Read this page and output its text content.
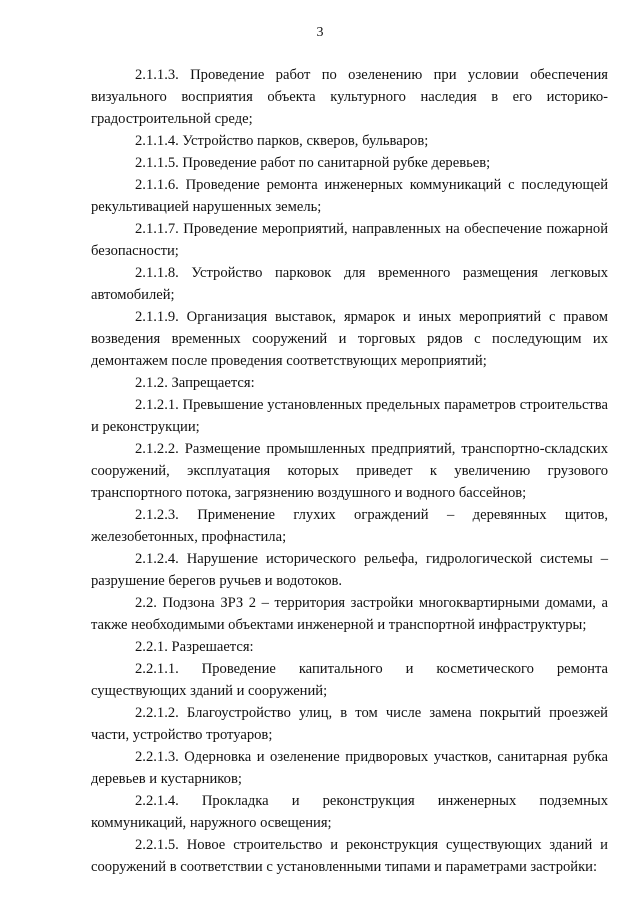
3

2.1.1.3. Проведение работ по озеленению при условии обеспечения визуального восприятия объекта культурного наследия в его историко-градостроительной среде;

2.1.1.4. Устройство парков, скверов, бульваров;

2.1.1.5. Проведение работ по санитарной рубке деревьев;

2.1.1.6. Проведение ремонта инженерных коммуникаций с последующей рекультивацией нарушенных земель;

2.1.1.7. Проведение мероприятий, направленных на обеспечение пожарной безопасности;

2.1.1.8. Устройство парковок для временного размещения легковых автомобилей;

2.1.1.9. Организация выставок, ярмарок и иных мероприятий с правом возведения временных сооружений и торговых рядов с последующим их демонтажем после проведения соответствующих мероприятий;

2.1.2. Запрещается:

2.1.2.1. Превышение установленных предельных параметров строительства и реконструкции;

2.1.2.2. Размещение промышленных предприятий, транспортно-складских сооружений, эксплуатация которых приведет к увеличению грузового транспортного потока, загрязнению воздушного и водного бассейнов;

2.1.2.3. Применение глухих ограждений – деревянных щитов, железобетонных, профнастила;

2.1.2.4. Нарушение исторического рельефа, гидрологической системы – разрушение берегов ручьев и водотоков.

2.2. Подзона ЗРЗ 2 – территория застройки многоквартирными домами, а также необходимыми объектами инженерной и транспортной инфраструктуры;

2.2.1. Разрешается:

2.2.1.1. Проведение капитального и косметического ремонта существующих зданий и сооружений;

2.2.1.2. Благоустройство улиц, в том числе замена покрытий проезжей части, устройство тротуаров;

2.2.1.3. Одерновка и озеленение придворовых участков, санитарная рубка деревьев и кустарников;

2.2.1.4. Прокладка и реконструкция инженерных подземных коммуникаций, наружного освещения;

2.2.1.5. Новое строительство и реконструкция существующих зданий и сооружений в соответствии с установленными типами и параметрами застройки:
